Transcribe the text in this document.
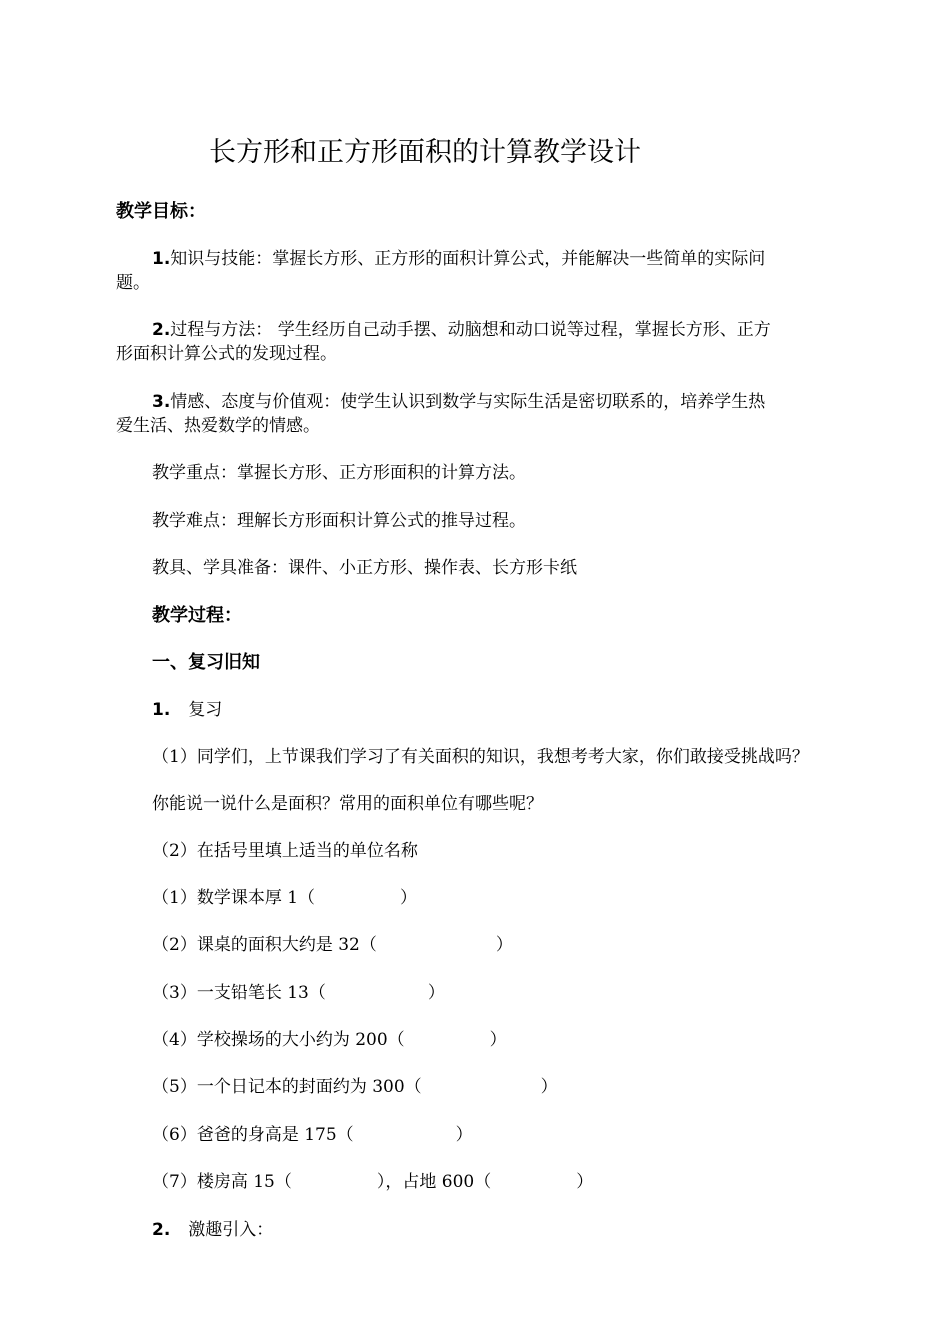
长方形和正方形面积的计算教学设计
教学目标：
1.知识与技能：掌握长方形、正方形的面积计算公式，并能解决一些简单的实际问
题。
2.过程与方法： 学生经历自己动手摆、动脑想和动口说等过程，掌握长方形、正方
形面积计算公式的发现过程。
3.情感、态度与价值观：使学生认识到数学与实际生活是密切联系的，培养学生热
爱生活、热爱数学的情感。
教学重点：掌握长方形、正方形面积的计算方法。
教学难点：理解长方形面积计算公式的推导过程。
教具、学具准备：课件、小正方形、操作表、长方形卡纸
教学过程：
一、复习旧知
1. 复习
（1）同学们，上节课我们学习了有关面积的知识，我想考考大家，你们敢接受挑战吗？
你能说一说什么是面积？常用的面积单位有哪些呢？
（2）在括号里填上适当的单位名称
（1）数学课本厚 1（　　　　　）
（2）课桌的面积大约是 32（　　　　　　　）
（3）一支铅笔长 13（　　　　　　）
（4）学校操场的大小约为 200（　　　　　）
（5）一个日记本的封面约为 300（　　　　　　　）
（6）爸爸的身高是 175（　　　　　　）
（7）楼房高 15（　　　　　），占地 600（　　　　　）
2. 激趣引入：
